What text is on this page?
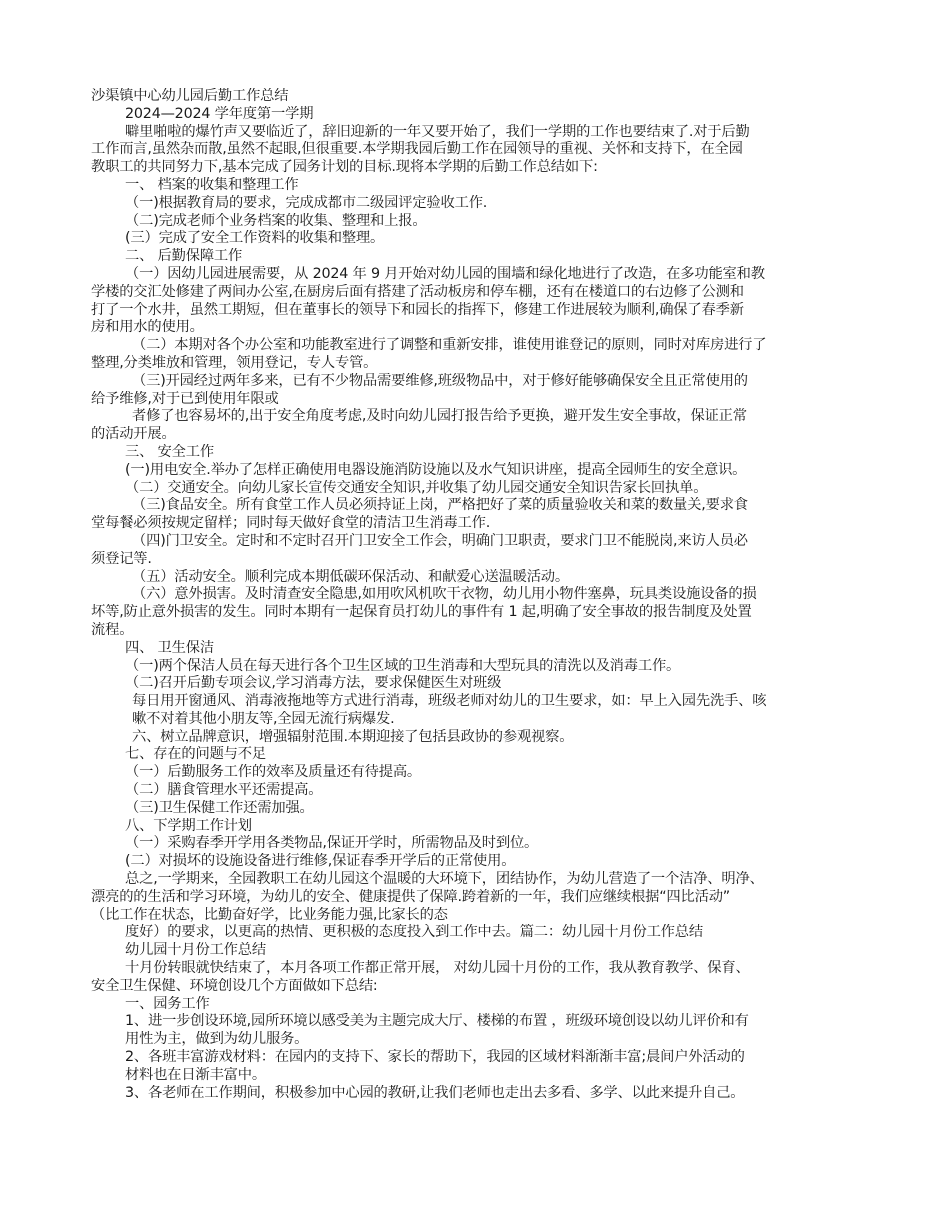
沙渠镇中心幼儿园后勤工作总结
2024—2024 学年度第一学期
噼里啪啦的爆竹声又要临近了，辞旧迎新的一年又要开始了，我们一学期的工作也要结束了.对于后勤
工作而言,虽然杂而散,虽然不起眼,但很重要.本学期我园后勤工作在园领导的重视、关怀和支持下，在全园
教职工的共同努力下,基本完成了园务计划的目标.现将本学期的后勤工作总结如下:
一、 档案的收集和整理工作
（一)根据教育局的要求，完成成都市二级园评定验收工作.
（二)完成老师个业务档案的收集、整理和上报。
(三）完成了安全工作资料的收集和整理。
二、 后勤保障工作
（一）因幼儿园进展需要，从 2024 年 9 月开始对幼儿园的围墙和绿化地进行了改造，在多功能室和教
学楼的交汇处修建了两间办公室,在厨房后面有搭建了活动板房和停车棚，还有在楼道口的右边修了公测和
打了一个水井，虽然工期短，但在董事长的领导下和园长的指挥下，修建工作进展较为顺利,确保了春季新
房和用水的使用。
（二）本期对各个办公室和功能教室进行了调整和重新安排，谁使用谁登记的原则，同时对库房进行了
整理,分类堆放和管理，领用登记，专人专管。
（三)开园经过两年多来，已有不少物品需要维修,班级物品中，对于修好能够确保安全且正常使用的
给予维修,对于已到使用年限或
者修了也容易坏的,出于安全角度考虑,及时向幼儿园打报告给予更换，避开发生安全事故，保证正常
的活动开展。
三、 安全工作
(一)用电安全.举办了怎样正确使用电器设施消防设施以及水气知识讲座，提高全园师生的安全意识。
（二）交通安全。向幼儿家长宣传交通安全知识,并收集了幼儿园交通安全知识告家长回执单。
（三)食品安全。所有食堂工作人员必须持证上岗，严格把好了菜的质量验收关和菜的数量关,要求食
堂每餐必须按规定留样；同时每天做好食堂的清洁卫生消毒工作.
（四)门卫安全。定时和不定时召开门卫安全工作会，明确门卫职责，要求门卫不能脱岗,来访人员必
须登记等.
（五）活动安全。顺利完成本期低碳环保活动、和献爱心送温暖活动。
（六）意外损害。及时清查安全隐患,如用吹风机吹干衣物，幼儿用小物件塞鼻，玩具类设施设备的损
坏等,防止意外损害的发生。同时本期有一起保育员打幼儿的事件有 1 起,明确了安全事故的报告制度及处置
流程。
四、 卫生保洁
（一)两个保洁人员在每天进行各个卫生区域的卫生消毒和大型玩具的清洗以及消毒工作。
（二)召开后勤专项会议,学习消毒方法，要求保健医生对班级
每日用开窗通风、消毒液拖地等方式进行消毒，班级老师对幼儿的卫生要求，如：早上入园先洗手、咳
嗽不对着其他小朋友等,全园无流行病爆发.
六、树立品牌意识，增强辐射范围.本期迎接了包括县政协的参观视察。
七、存在的问题与不足
（一）后勤服务工作的效率及质量还有待提高。
（二）膳食管理水平还需提高。
（三)卫生保健工作还需加强。
八、下学期工作计划
（一）采购春季开学用各类物品,保证开学时，所需物品及时到位。
(二）对损坏的设施设备进行维修,保证春季开学后的正常使用。
总之,一学期来，全园教职工在幼儿园这个温暖的大环境下，团结协作，为幼儿营造了一个洁净、明净、
漂亮的的生活和学习环境，为幼儿的安全、健康提供了保障.跨着新的一年，我们应继续根据“四比活动”
（比工作在状态，比勤奋好学，比业务能力强,比家长的态
度好）的要求，以更高的热情、更积极的态度投入到工作中去。篇二：幼儿园十月份工作总结
幼儿园十月份工作总结
十月份转眼就快结束了，本月各项工作都正常开展， 对幼儿园十月份的工作，我从教育教学、保育、
安全卫生保健、环境创设几个方面做如下总结:
一、园务工作
1、进一步创设环境,园所环境以感受美为主题完成大厅、楼梯的布置 ，班级环境创设以幼儿评价和有
用性为主，做到为幼儿服务。
2、各班丰富游戏材料：在园内的支持下、家长的帮助下，我园的区域材料渐渐丰富;晨间户外活动的
材料也在日渐丰富中。
3、各老师在工作期间，积极参加中心园的教研,让我们老师也走出去多看、多学、以此来提升自己。
